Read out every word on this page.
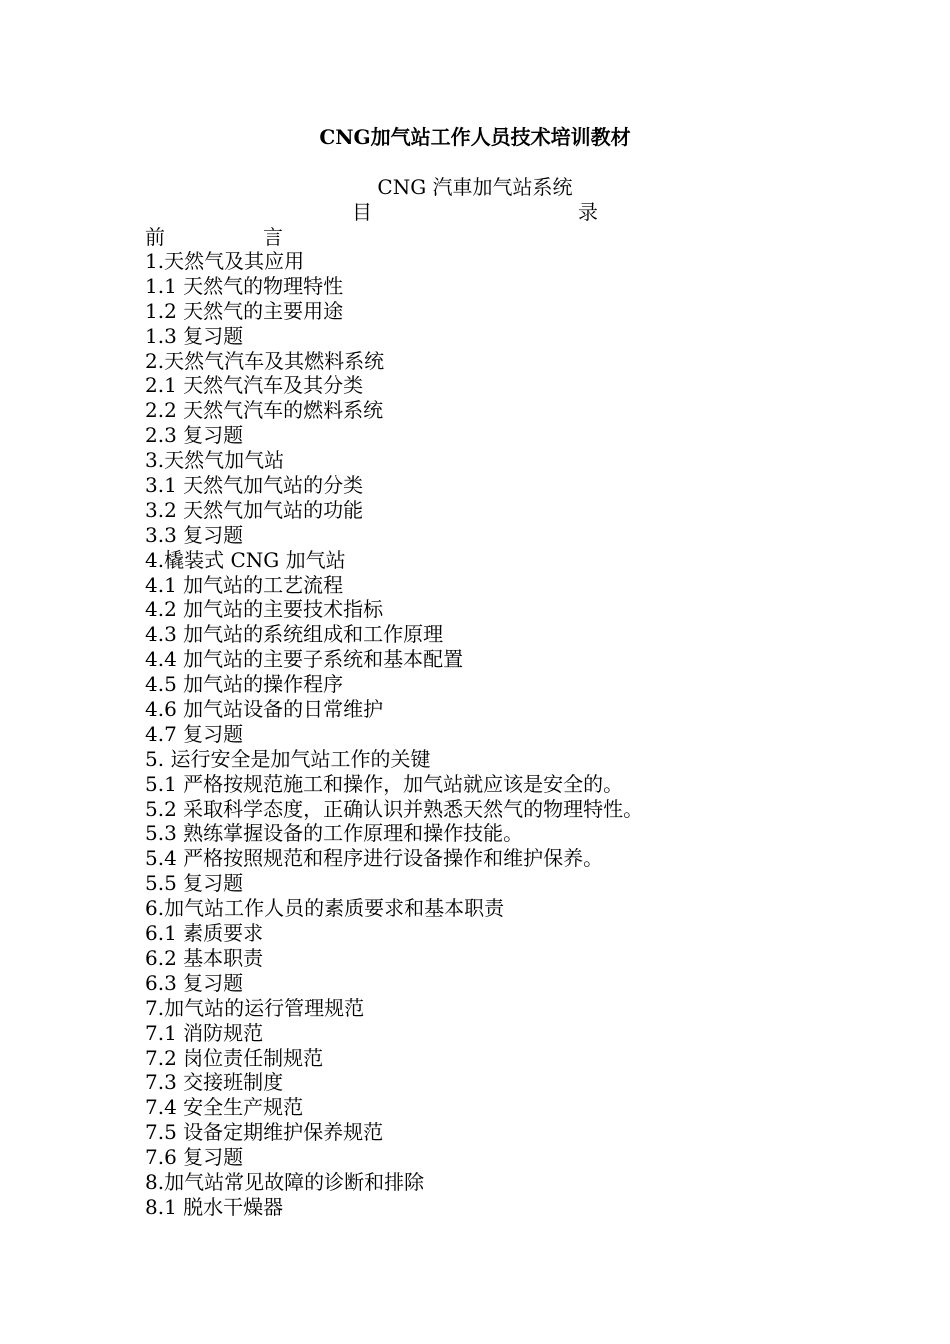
CNG加气站工作人员技术培训教材
CNG 汽車加气站系统
目	录
前	言
1.天然气及其应用
1.1 天然气的物理特性
1.2 天然气的主要用途
1.3 复习题
2.天然气汽车及其燃料系统
2.1 天然气汽车及其分类
2.2 天然气汽车的燃料系统
2.3 复习题
3.天然气加气站
3.1 天然气加气站的分类
3.2 天然气加气站的功能
3.3 复习题
4.橇装式 CNG 加气站
4.1 加气站的工艺流程
4.2 加气站的主要技术指标
4.3 加气站的系统组成和工作原理
4.4 加气站的主要子系统和基本配置
4.5 加气站的操作程序
4.6 加气站设备的日常维护
4.7 复习题
5. 运行安全是加气站工作的关键
5.1 严格按规范施工和操作，加气站就应该是安全的。
5.2 采取科学态度，正确认识并熟悉天然气的物理特性。
5.3 熟练掌握设备的工作原理和操作技能。
5.4 严格按照规范和程序进行设备操作和维护保养。
5.5 复习题
6.加气站工作人员的素质要求和基本职责
6.1 素质要求
6.2 基本职责
6.3 复习题
7.加气站的运行管理规范
7.1 消防规范
7.2 岗位责任制规范
7.3 交接班制度
7.4 安全生产规范
7.5 设备定期维护保养规范
7.6 复习题
8.加气站常见故障的诊断和排除
8.1 脱水干燥器
